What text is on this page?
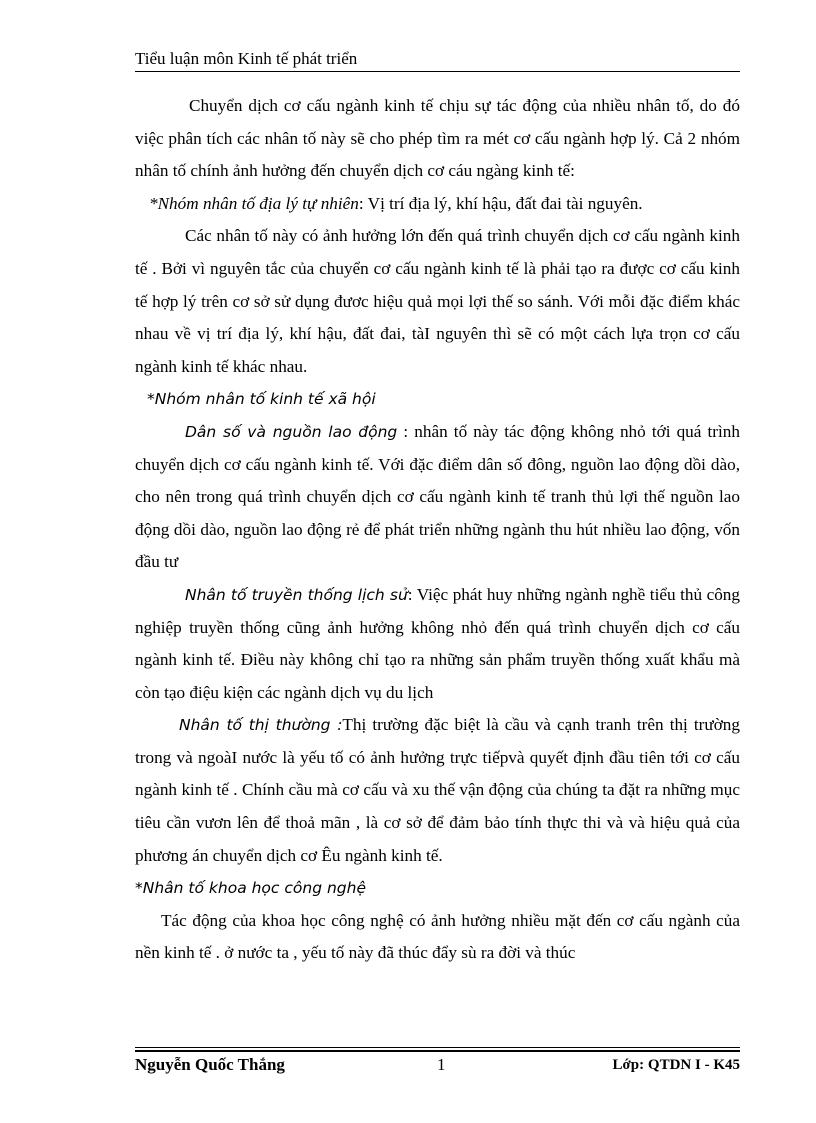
Tiểu luận môn Kinh tế phát triển

Chuyển dịch cơ cấu ngành kinh tế chịu sự tác động của nhiều nhân tố, do đó việc phân tích các nhân tố này sẽ cho phép tìm ra mét cơ cấu ngành hợp lý. Cả 2 nhóm nhân tố chính ảnh hưởng đến chuyển dịch cơ cáu ngàng kinh tế:

*Nhóm nhân tố địa lý tự nhiên: Vị trí địa lý, khí hậu, đất đai tài nguyên.

Các nhân tố này có ảnh hưởng lớn đến quá trình chuyển dịch cơ cấu ngành kinh tế . Bởi vì nguyên tắc của chuyển cơ cấu ngành kinh tế là phải tạo ra được cơ cấu kinh tế hợp lý trên cơ sở sử dụng đươc hiệu quả mọi lợi thế so sánh. Với mỗi đặc điểm khác nhau về vị trí địa lý, khí hậu, đất đai, tàI nguyên thì sẽ có một cách lựa trọn cơ cấu ngành kinh tế khác nhau.

*Nhóm nhân tố kinh tế xã hội

Dân số và nguồn lao động : nhân tố này tác động không nhỏ tới quá trình chuyển dịch cơ cấu ngành kinh tế. Với đặc điểm dân số đông, nguồn lao động dồi dào, cho nên trong quá trình chuyển dịch cơ cấu ngành kinh tế tranh thủ lợi thế nguồn lao động dồi dào, nguồn lao động rẻ để phát triển những ngành thu hút nhiều lao động, vốn đầu tư

Nhân tố truyền thống lịch sử: Việc phát huy những ngành nghề tiểu thủ công nghiệp truyền thống cũng ảnh hưởng không nhỏ đến quá trình chuyển dịch cơ cấu ngành kinh tế. Điều này không chỉ tạo ra những sản phẩm truyền thống xuất khẩu mà còn tạo điệu kiện các ngành dịch vụ du lịch

Nhân tố thị thường :Thị trường đặc biệt là cầu và cạnh tranh trên thị trường trong và ngoàI nước là yếu tố có ảnh hưởng trực tiếpvà quyết định đầu tiên tới cơ cấu ngành kinh tế . Chính cầu mà cơ cấu và xu thế vận động của chúng ta đặt ra những mục tiêu cần vươn lên để thoả mãn , là cơ sở để đảm bảo tính thực thi và và hiệu quả của phương án chuyển dịch cơ Êu ngành kinh tế.

*Nhân tố khoa học công nghệ

Tác động của khoa học công nghệ có ảnh hưởng nhiều mặt đến cơ cấu ngành của nền kinh tế . ở nước ta , yếu tố này đã thúc đẩy sù ra đời và thúc

Nguyễn Quốc Thắng	1	Lớp: QTDN I - K45
